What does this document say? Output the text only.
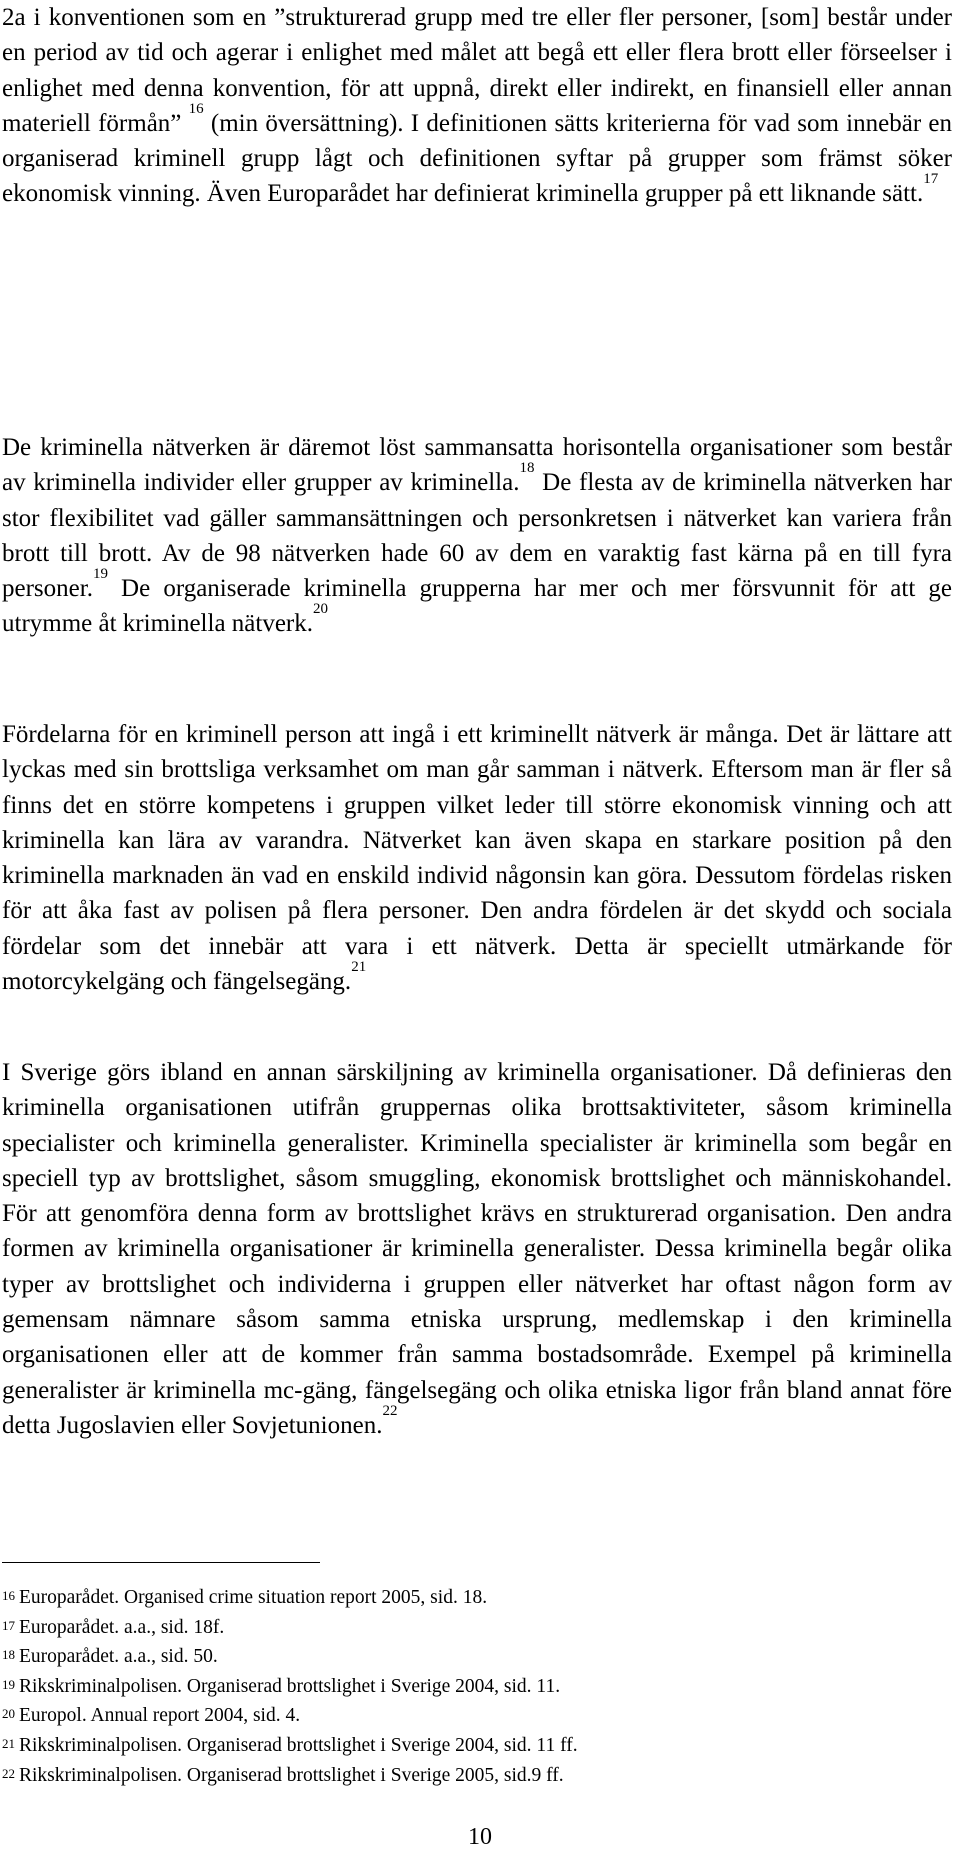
2a i konventionen som en ”strukturerad grupp med tre eller fler personer, [som] består under en period av tid och agerar i enlighet med målet att begå ett eller flera brott eller förseelser i enlighet med denna konvention, för att uppnå, direkt eller indirekt, en finansiell eller annan materiell förmån” $^{16}$ (min översättning). I definitionen sätts kriterierna för vad som innebär en organiserad kriminell grupp lågt och definitionen syftar på grupper som främst söker ekonomisk vinning. Även Europarådet har definierat kriminella grupper på ett liknande sätt.$^{17}$

De kriminella nätverken är däremot löst sammansatta horisontella organisationer som består av kriminella individer eller grupper av kriminella.$^{18}$ De flesta av de kriminella nätverken har stor flexibilitet vad gäller sammansättningen och personkretsen i nätverket kan variera från brott till brott. Av de 98 nätverken hade 60 av dem en varaktig fast kärna på en till fyra personer.$^{19}$ De organiserade kriminella grupperna har mer och mer försvunnit för att ge utrymme åt kriminella nätverk.$^{20}$

Fördelarna för en kriminell person att ingå i ett kriminellt nätverk är många. Det är lättare att lyckas med sin brottsliga verksamhet om man går samman i nätverk. Eftersom man är fler så finns det en större kompetens i gruppen vilket leder till större ekonomisk vinning och att kriminella kan lära av varandra. Nätverket kan även skapa en starkare position på den kriminella marknaden än vad en enskild individ någonsin kan göra. Dessutom fördelas risken för att åka fast av polisen på flera personer. Den andra fördelen är det skydd och sociala fördelar som det innebär att vara i ett nätverk. Detta är speciellt utmärkande för motorcykelgäng och fängelsegäng.$^{21}$

I Sverige görs ibland en annan särskiljning av kriminella organisationer. Då definieras den kriminella organisationen utifrån gruppernas olika brottsaktiviteter, såsom kriminella specialister och kriminella generalister. Kriminella specialister är kriminella som begår en speciell typ av brottslighet, såsom smuggling, ekonomisk brottslighet och människohandel. För att genomföra denna form av brottslighet krävs en strukturerad organisation. Den andra formen av kriminella organisationer är kriminella generalister. Dessa kriminella begår olika typer av brottslighet och individerna i gruppen eller nätverket har oftast någon form av gemensam nämnare såsom samma etniska ursprung, medlemskap i den kriminella organisationen eller att de kommer från samma bostadsområde. Exempel på kriminella generalister är kriminella mc-gäng, fängelsegäng och olika etniska ligor från bland annat före detta Jugoslavien eller Sovjetunionen.$^{22}$

$^{16}$ Europarådet. Organised crime situation report 2005, sid. 18.
$^{17}$ Europarådet. a.a., sid. 18f.
$^{18}$ Europarådet. a.a., sid. 50.
$^{19}$ Rikskriminalpolisen. Organiserad brottslighet i Sverige 2004, sid. 11.
$^{20}$ Europol. Annual report 2004, sid. 4.
$^{21}$ Rikskriminalpolisen. Organiserad brottslighet i Sverige 2004, sid. 11 ff.
$^{22}$ Rikskriminalpolisen. Organiserad brottslighet i Sverige 2005, sid.9 ff.
10
